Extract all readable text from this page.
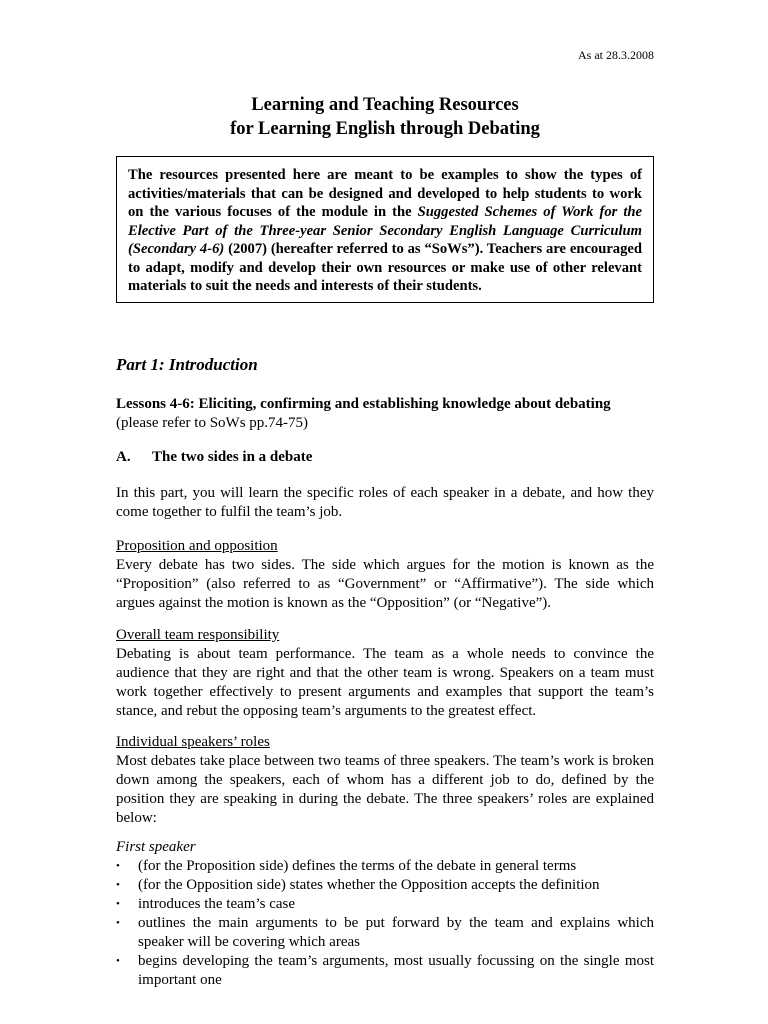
As at 28.3.2008
Learning and Teaching Resources
for Learning English through Debating
The resources presented here are meant to be examples to show the types of activities/materials that can be designed and developed to help students to work on the various focuses of the module in the Suggested Schemes of Work for the Elective Part of the Three-year Senior Secondary English Language Curriculum (Secondary 4-6) (2007) (hereafter referred to as “SoWs”). Teachers are encouraged to adapt, modify and develop their own resources or make use of other relevant materials to suit the needs and interests of their students.
Part 1: Introduction
Lessons 4-6: Eliciting, confirming and establishing knowledge about debating
(please refer to SoWs pp.74-75)
A. The two sides in a debate
In this part, you will learn the specific roles of each speaker in a debate, and how they come together to fulfil the team’s job.
Proposition and opposition
Every debate has two sides. The side which argues for the motion is known as the “Proposition” (also referred to as “Government” or “Affirmative”). The side which argues against the motion is known as the “Opposition” (or “Negative”).
Overall team responsibility
Debating is about team performance. The team as a whole needs to convince the audience that they are right and that the other team is wrong. Speakers on a team must work together effectively to present arguments and examples that support the team’s stance, and rebut the opposing team’s arguments to the greatest effect.
Individual speakers’ roles
Most debates take place between two teams of three speakers. The team’s work is broken down among the speakers, each of whom has a different job to do, defined by the position they are speaking in during the debate. The three speakers’ roles are explained below:
First speaker
• (for the Proposition side) defines the terms of the debate in general terms
• (for the Opposition side) states whether the Opposition accepts the definition
• introduces the team’s case
• outlines the main arguments to be put forward by the team and explains which speaker will be covering which areas
• begins developing the team’s arguments, most usually focussing on the single most important one
